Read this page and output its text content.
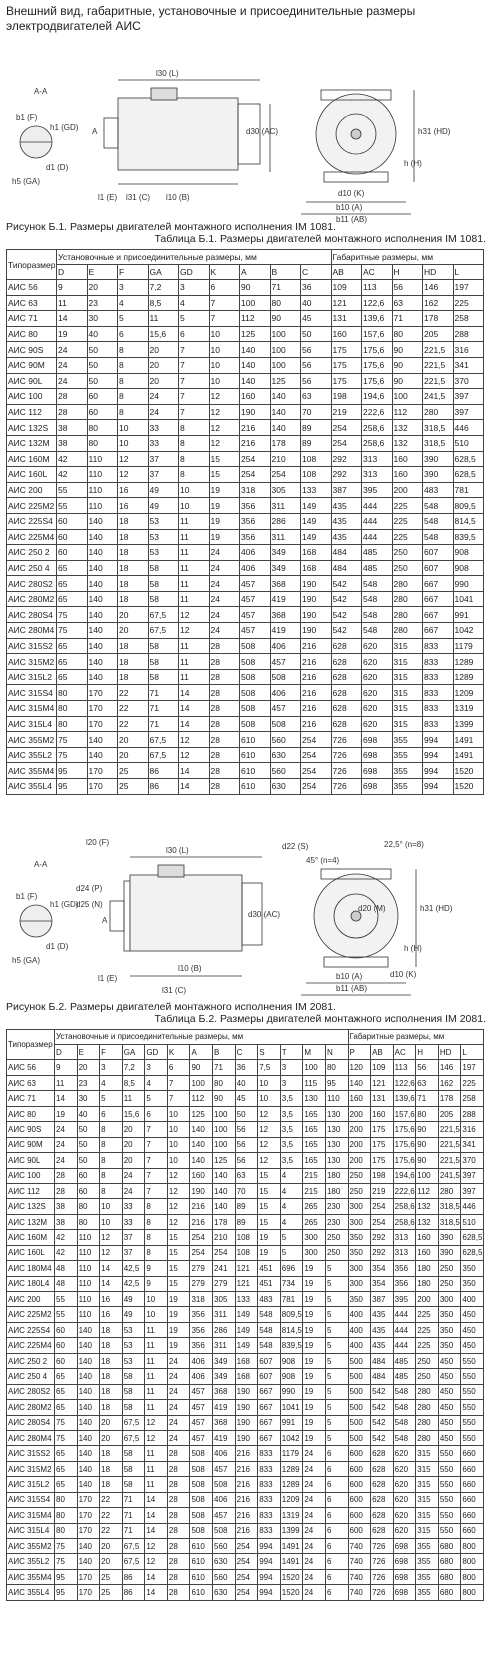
Внешний вид, габаритные, установочные и присоединительные размеры электродвигателей АИС
А-А
b1 (F)
h1 (GD)
d1 (D)
h5 (GA)
А
l30 (L)
d30 (AC)
l1 (E) l31 (C) l10 (B)
h31 (HD)
h (H)
d10 (K)
b10 (A)
b11 (AB)
Рисунок Б.1. Размеры двигателей монтажного исполнения IM 1081.
Таблица Б.1. Размеры двигателей монтажного исполнения IM 1081.
Типоразмер	Установочные и присоединительные размеры, мм									Габаритные размеры, мм				
	D	E	F	GA	GD	K	A	B	C	AB	AC	H	HD	L
АИС 56	9	20	3	7,2	3	6	90	71	36	109	113	56	146	197
АИС 63	11	23	4	8,5	4	7	100	80	40	121	122,6	63	162	225
АИС 71	14	30	5	11	5	7	112	90	45	131	139,6	71	178	258
АИС 80	19	40	6	15,6	6	10	125	100	50	160	157,6	80	205	288
АИС 90S	24	50	8	20	7	10	140	100	56	175	175,6	90	221,5	316
АИС 90М	24	50	8	20	7	10	140	100	56	175	175,6	90	221,5	341
АИС 90L	24	50	8	20	7	10	140	125	56	175	175,6	90	221,5	370
АИС 100	28	60	8	24	7	12	160	140	63	198	194,6	100	241,5	397
АИС 112	28	60	8	24	7	12	190	140	70	219	222,6	112	280	397
АИС 132S	38	80	10	33	8	12	216	140	89	254	258,6	132	318,5	446
АИС 132М	38	80	10	33	8	12	216	178	89	254	258,6	132	318,5	510
АИС 160М	42	110	12	37	8	15	254	210	108	292	313	160	390	628,5
АИС 160L	42	110	12	37	8	15	254	254	108	292	313	160	390	628,5
АИС 200	55	110	16	49	10	19	318	305	133	387	395	200	483	781
АИС 225М2	55	110	16	49	10	19	356	311	149	435	444	225	548	809,5
АИС 225S4	60	140	18	53	11	19	356	286	149	435	444	225	548	814,5
АИС 225М4	60	140	18	53	11	19	356	311	149	435	444	225	548	839,5
АИС 250 2	60	140	18	53	11	24	406	349	168	484	485	250	607	908
АИС 250 4	65	140	18	58	11	24	406	349	168	484	485	250	607	908
АИС 280S2	65	140	18	58	11	24	457	368	190	542	548	280	667	990
АИС 280М2	65	140	18	58	11	24	457	419	190	542	548	280	667	1041
АИС 280S4	75	140	20	67,5	12	24	457	368	190	542	548	280	667	991
АИС 280М4	75	140	20	67,5	12	24	457	419	190	542	548	280	667	1042
АИС 315S2	65	140	18	58	11	28	508	406	216	628	620	315	833	1179
АИС 315М2	65	140	18	58	11	28	508	457	216	628	620	315	833	1289
АИС 315L2	65	140	18	58	11	28	508	508	216	628	620	315	833	1289
АИС 315S4	80	170	22	71	14	28	508	406	216	628	620	315	833	1209
АИС 315М4	80	170	22	71	14	28	508	457	216	628	620	315	833	1319
АИС 315L4	80	170	22	71	14	28	508	508	216	628	620	315	833	1399
АИС 355М2	75	140	20	67,5	12	28	610	560	254	726	698	355	994	1491
АИС 355L2	75	140	20	67,5	12	28	610	630	254	726	698	355	994	1491
АИС 355М4	95	170	25	86	14	28	610	560	254	726	698	355	994	1520
АИС 355L4	95	170	25	86	14	28	610	630	254	726	698	355	994	1520
А-А
b1 (F)
h1 (GD)
d1 (D)
h5 (GA)
l20 (F)
d24 (P)
d25 (N)
А
l30 (L)
d30 (AC)
l1 (E)
l10 (B)
l31 (C)
d22 (S)
45° (n=4)
22,5° (n=8)
d20 (M)	h31 (HD)
h (H)
d10 (K)
b10 (A)
b11 (AB)
Рисунок Б.2. Размеры двигателей монтажного исполнения IM 2081.
Таблица Б.2. Размеры двигателей монтажного исполнения IM 2081.
Типоразмер	Установочные и присоединительные размеры, мм													Габаритные размеры, мм					
	D	E	F	GA	GD	K	A	B	C	S	T	M	N	P	AB	AC	H	HD	L
АИС 56	9	20	3	7,2	3	6	90	71	36	7,5	3	100	80	120	109	113	56	146	197
АИС 63	11	23	4	8,5	4	7	100	80	40	10	3	115	95	140	121	122,6	63	162	225
АИС 71	14	30	5	11	5	7	112	90	45	10	3,5	130	110	160	131	139,6	71	178	258
АИС 80	19	40	6	15,6	6	10	125	100	50	12	3,5	165	130	200	160	157,6	80	205	288
АИС 90S	24	50	8	20	7	10	140	100	56	12	3,5	165	130	200	175	175,6	90	221,5	316
АИС 90М	24	50	8	20	7	10	140	100	56	12	3,5	165	130	200	175	175,6	90	221,5	341
АИС 90L	24	50	8	20	7	10	140	125	56	12	3,5	165	130	200	175	175,6	90	221,5	370
АИС 100	28	60	8	24	7	12	160	140	63	15	4	215	180	250	198	194,6	100	241,5	397
АИС 112	28	60	8	24	7	12	190	140	70	15	4	215	180	250	219	222,6	112	280	397
АИС 132S	38	80	10	33	8	12	216	140	89	15	4	265	230	300	254	258,6	132	318,5	446
АИС 132М	38	80	10	33	8	12	216	178	89	15	4	265	230	300	254	258,6	132	318,5	510
АИС 160М	42	110	12	37	8	15	254	210	108	19	5	300	250	350	292	313	160	390	628,5
АИС 160L	42	110	12	37	8	15	254	254	108	19	5	300	250	350	292	313	160	390	628,5
АИС 180М4	48	110	14	42,5	9	15	279	241	121	451	696	19	5	300	354	356	180	250	350
АИС 180L4	48	110	14	42,5	9	15	279	279	121	451	734	19	5	300	354	356	180	250	350
АИС 200	55	110	16	49	10	19	318	305	133	483	781	19	5	350	387	395	200	300	400
АИС 225М2	55	110	16	49	10	19	356	311	149	548	809,5	19	5	400	435	444	225	350	450
АИС 225S4	60	140	18	53	11	19	356	286	149	548	814,5	19	5	400	435	444	225	350	450
АИС 225М4	60	140	18	53	11	19	356	311	149	548	839,5	19	5	400	435	444	225	350	450
АИС 250 2	60	140	18	53	11	24	406	349	168	607	908	19	5	500	484	485	250	450	550
АИС 250 4	65	140	18	58	11	24	406	349	168	607	908	19	5	500	484	485	250	450	550
АИС 280S2	65	140	18	58	11	24	457	368	190	667	990	19	5	500	542	548	280	450	550
АИС 280М2	65	140	18	58	11	24	457	419	190	667	1041	19	5	500	542	548	280	450	550
АИС 280S4	75	140	20	67,5	12	24	457	368	190	667	991	19	5	500	542	548	280	450	550
АИС 280М4	75	140	20	67,5	12	24	457	419	190	667	1042	19	5	500	542	548	280	450	550
АИС 315S2	65	140	18	58	11	28	508	406	216	833	1179	24	6	600	628	620	315	550	660
АИС 315М2	65	140	18	58	11	28	508	457	216	833	1289	24	6	600	628	620	315	550	660
АИС 315L2	65	140	18	58	11	28	508	508	216	833	1289	24	6	600	628	620	315	550	660
АИС 315S4	80	170	22	71	14	28	508	406	216	833	1209	24	6	600	628	620	315	550	660
АИС 315М4	80	170	22	71	14	28	508	457	216	833	1319	24	6	600	628	620	315	550	660
АИС 315L4	80	170	22	71	14	28	508	508	216	833	1399	24	6	600	628	620	315	550	660
АИС 355М2	75	140	20	67,5	12	28	610	560	254	994	1491	24	6	740	726	698	355	680	800
АИС 355L2	75	140	20	67,5	12	28	610	630	254	994	1491	24	6	740	726	698	355	680	800
АИС 355М4	95	170	25	86	14	28	610	560	254	994	1520	24	6	740	726	698	355	680	800
АИС 355L4	95	170	25	86	14	28	610	630	254	994	1520	24	6	740	726	698	355	680	800
